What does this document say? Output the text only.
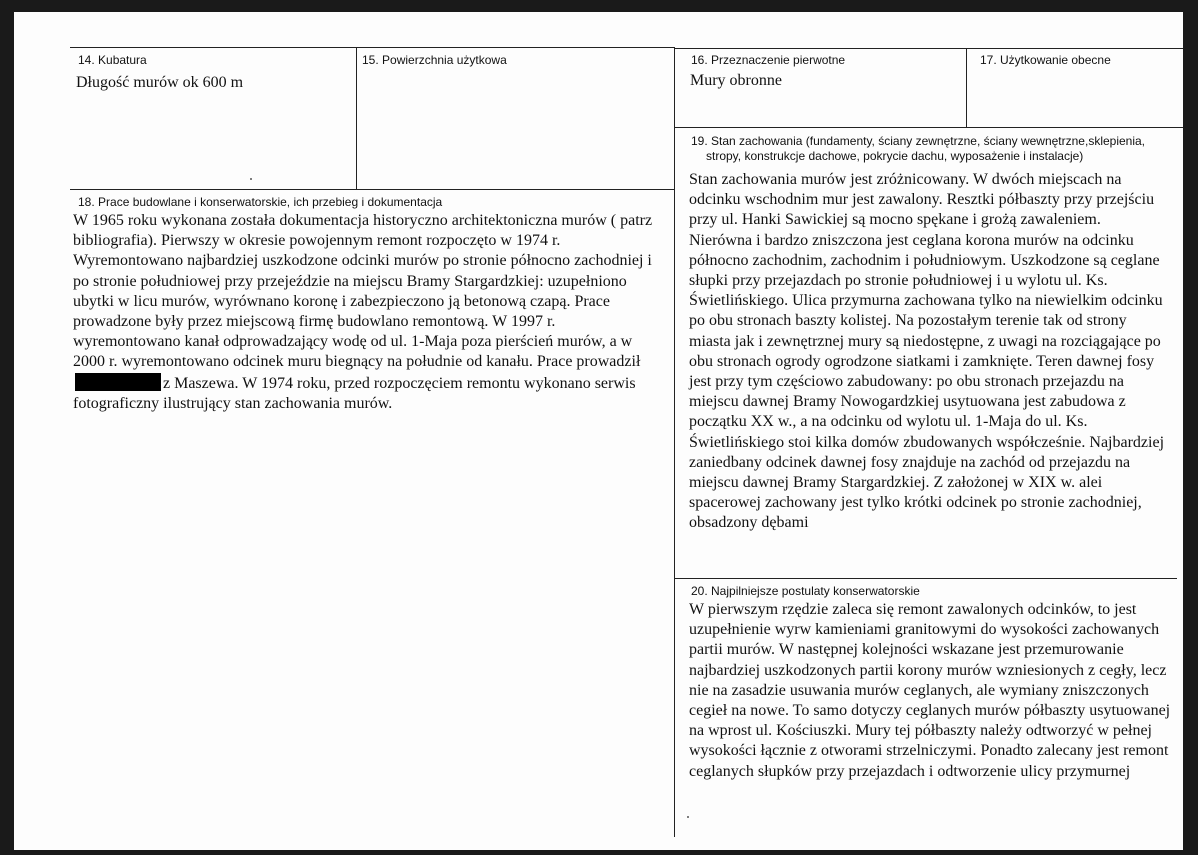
14. Kubatura
Długość murów ok 600 m
15. Powierzchnia użytkowa	16. Przeznaczenie pierwotne
Mury obronne
17. Użytkowanie obecne
18. Prace budowlane i konserwatorskie, ich przebieg i dokumentacja
W 1965 roku wykonana została dokumentacja historyczno architektoniczna murów ( patrz bibliografia). Pierwszy w okresie powojennym remont rozpoczęto w 1974 r. Wyremontowano najbardziej uszkodzone odcinki murów po stronie północno zachodniej i po stronie południowej przy przejeździe na miejscu Bramy Stargardzkiej: uzupełniono ubytki w licu murów, wyrównano koronę i zabezpieczono ją betonową czapą. Prace prowadzone były przez miejscową firmę budowlano remontową. W 1997 r. wyremontowano kanał odprowadzający wodę od ul. 1-Maja poza pierścień murów, a w 2000 r. wyremontowano odcinek muru biegnący na południe od kanału. Prace prowadziłz Maszewa. W 1974 roku, przed rozpoczęciem remontu wykonano serwis fotograficzny ilustrujący stan zachowania murów.
19. Stan zachowania (fundamenty, ściany zewnętrzne, ściany wewnętrzne,sklepienia,
stropy, konstrukcje dachowe, pokrycie dachu, wyposażenie i instalacje)
Stan zachowania murów jest zróżnicowany. W dwóch miejscach na odcinku wschodnim mur jest zawalony. Resztki półbaszty przy przejściu przy ul. Hanki Sawickiej są mocno spękane i grożą zawaleniem. Nierówna i bardzo zniszczona jest ceglana korona murów na odcinku północno zachodnim, zachodnim i południowym. Uszkodzone są ceglane słupki przy przejazdach po stronie południowej i u wylotu ul. Ks. Świetlińskiego. Ulica przymurna zachowana tylko na niewielkim odcinku po obu stronach baszty kolistej. Na pozostałym terenie tak od strony miasta jak i zewnętrznej mury są niedostępne, z uwagi na rozciągające po obu stronach ogrody ogrodzone siatkami i zamknięte. Teren dawnej fosy jest przy tym częściowo zabudowany: po obu stronach przejazdu na miejscu dawnej Bramy Nowogardzkiej usytuowana jest zabudowa z początku XX w., a na odcinku od wylotu ul. 1-Maja do ul. Ks. Świetlińskiego stoi kilka domów zbudowanych współcześnie. Najbardziej zaniedbany odcinek dawnej fosy znajduje na zachód od przejazdu na miejscu dawnej Bramy Stargardzkiej. Z założonej w XIX w. alei spacerowej zachowany jest tylko krótki odcinek po stronie zachodniej, obsadzony dębami
20. Najpilniejsze postulaty konserwatorskie
W pierwszym rzędzie zaleca się remont zawalonych odcinków, to jest uzupełnienie wyrw kamieniami granitowymi do wysokości zachowanych partii murów. W następnej kolejności wskazane jest przemurowanie najbardziej uszkodzonych partii korony murów wzniesionych z cegły, lecz nie na zasadzie usuwania murów ceglanych, ale wymiany zniszczonych cegieł na nowe. To samo dotyczy ceglanych murów półbaszty usytuowanej na wprost ul. Kościuszki. Mury tej półbaszty należy odtworzyć w pełnej wysokości łącznie z otworami strzelniczymi. Ponadto zalecany jest remont ceglanych słupków przy przejazdach i odtworzenie ulicy przymurnej
